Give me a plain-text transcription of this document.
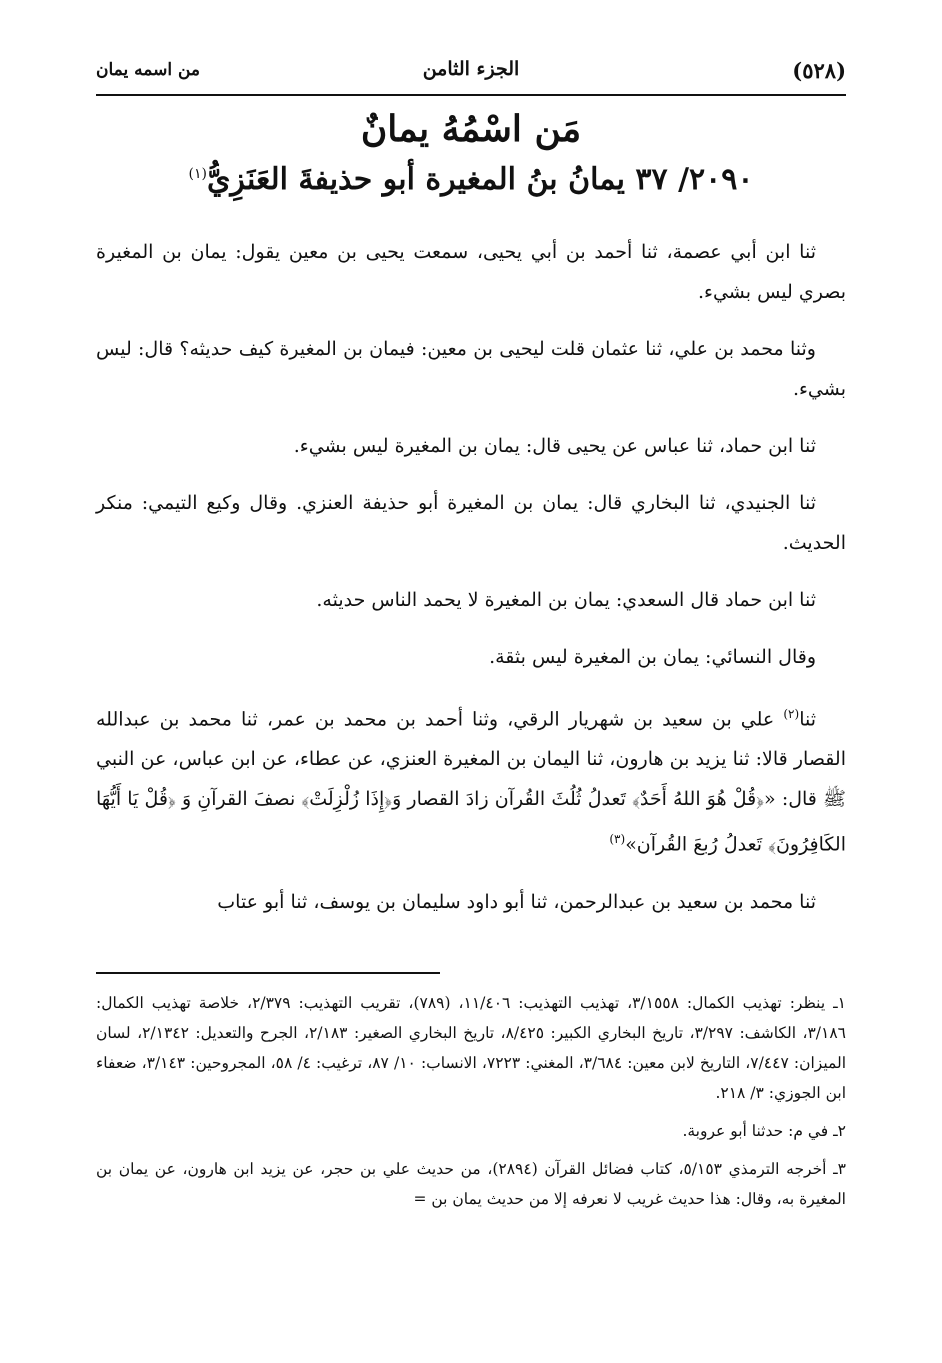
(٥٢٨)
الجزء الثامن
من اسمه يمان
مَن اسْمُهُ يمانٌ
٢٠٩٠/ ٣٧ يمانُ بنُ المغيرة أبو حذيفةَ العَنَزِيُّ$^{(١)}$

ثنا ابن أبي عصمة، ثنا أحمد بن أبي يحيى، سمعت يحيى بن معين يقول: يمان بن المغيرة بصري ليس بشيء.

وثنا محمد بن علي، ثنا عثمان قلت ليحيى بن معين: فيمان بن المغيرة كيف حديثه؟ قال: ليس بشيء.

ثنا ابن حماد، ثنا عباس عن يحيى قال: يمان بن المغيرة ليس بشيء.

ثنا الجنيدي، ثنا البخاري قال: يمان بن المغيرة أبو حذيفة العنزي. وقال وكيع التيمي: منكر الحديث.

ثنا ابن حماد قال السعدي: يمان بن المغيرة لا يحمد الناس حديثه.

وقال النسائي: يمان بن المغيرة ليس بثقة.

ثنا$^{(٢)}$ علي بن سعيد بن شهريار الرقي، وثنا أحمد بن محمد بن عمر، ثنا محمد بن عبدالله القصار قالا: ثنا يزيد بن هارون، ثنا اليمان بن المغيرة العنزي، عن عطاء، عن ابن عباس، عن النبي ﷺ قال: «﴿قُلْ هُوَ اللهُ أَحَدٌ﴾ تَعدلُ ثُلُثَ القُرآن زادَ القصار وَ﴿إِذَا زُلْزِلَتْ﴾ نصفَ القرآنِ وَ ﴿قُلْ يَا أَيُّهَا الكَافِرُونَ﴾ تَعدلُ رُبعَ القُرآن»$^{(٣)}$

ثنا محمد بن سعيد بن عبدالرحمن، ثنا أبو داود سليمان بن يوسف، ثنا أبو عتاب

١ـ ينظر: تهذيب الكمال: ٣/١٥٥٨، تهذيب التهذيب: ١١/٤٠٦، (٧٨٩)، تقريب التهذيب: ٢/٣٧٩، خلاصة تهذيب الكمال: ٣/١٨٦، الكاشف: ٣/٢٩٧، تاريخ البخاري الكبير: ٨/٤٢٥، تاريخ البخاري الصغير: ٢/١٨٣، الجرح والتعديل: ٢/١٣٤٢، لسان الميزان: ٧/٤٤٧، التاريخ لابن معين: ٣/٦٨٤، المغني: ٧٢٢٣، الانساب: ١٠/ ٨٧، ترغيب: ٤/ ٥٨، المجروحين: ٣/١٤٣، ضعفاء ابن الجوزي: ٣/ ٢١٨.

٢ـ في م: حدثنا أبو عروبة.

٣ـ أخرجه الترمذي ٥/١٥٣، كتاب فضائل القرآن (٢٨٩٤)، من حديث علي بن حجر، عن يزيد ابن هارون، عن يمان بن المغيرة به، وقال: هذا حديث غريب لا نعرفه إلا من حديث يمان بن =
